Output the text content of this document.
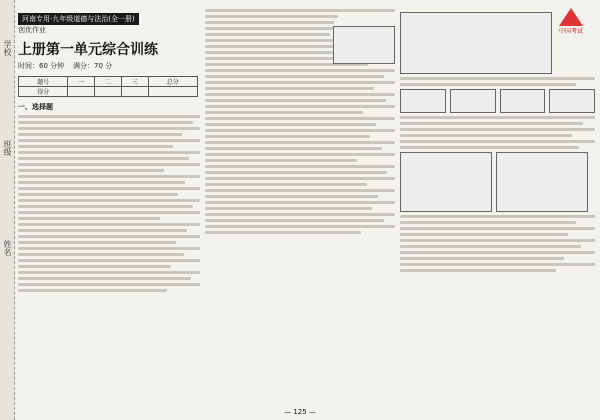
学校
班级
姓名
河南专用·九年级道德与法治(全一册)
创优作业
上册第一单元综合训练
时间：60 分钟 满分：70 分
题号	一	二	三	总分
得分				
一、选择题
中国考试
— 125 —
